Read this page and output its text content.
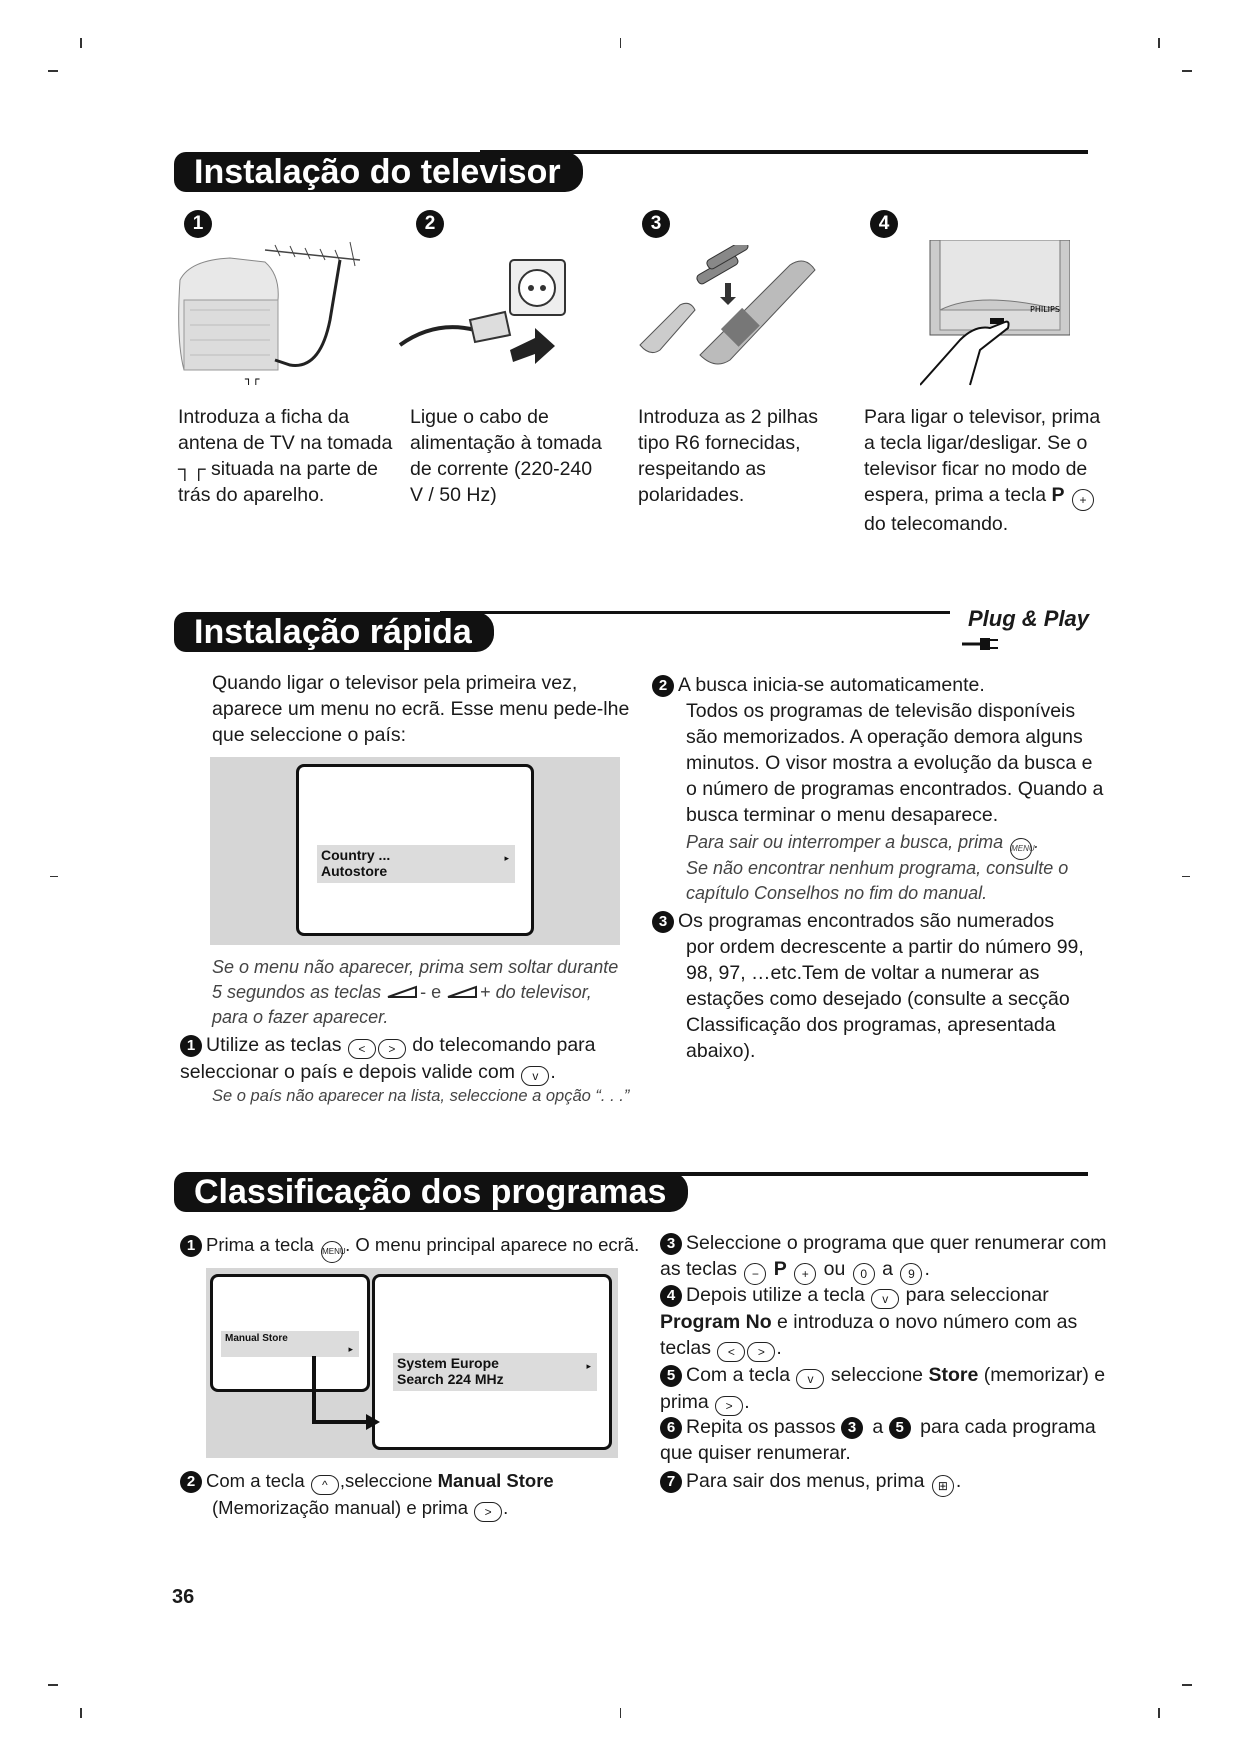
Instalação do televisor
1	2	3	4
┐┌
PHILIPS
Introduza a ficha da antena de TV na tomada ┐┌ situada na parte de trás do aparelho.
Ligue o cabo de alimentação à tomada de corrente (220-240 V / 50 Hz)
Introduza as 2 pilhas tipo R6 fornecidas, respeitando as polaridades.
Para ligar o televisor, prima a tecla ligar/desligar. Se o televisor ficar no modo de espera, prima a tecla P + do telecomando.
Instalação rápida	Plug & Play
Quando ligar o televisor pela primeira vez, aparece um menu no ecrã. Esse menu pede-lhe que seleccione o país:
Country ...
Autostore
▸
Se o menu não aparecer, prima sem soltar durante 5 segundos as teclas - e + do televisor, para o fazer aparecer.
1 Utilize as teclas < > do telecomando para seleccionar o país e depois valide com v .
Se o país não aparecer na lista, seleccione a opção “. . .”
2 A busca inicia-se automaticamente.
Todos os programas de televisão disponíveis são memorizados. A operação demora alguns minutos. O visor mostra a evolução da busca e o número de programas encontrados. Quando a busca terminar o menu desaparece.
Para sair ou interromper a busca, prima MENU.
Se não encontrar nenhum programa, consulte o capítulo Conselhos no fim do manual.
3 Os programas encontrados são numerados
por ordem decrescente a partir do número 99, 98, 97, …etc.Tem de voltar a numerar as estações como desejado (consulte a secção Classificação dos programas, apresentada abaixo).
Classificação dos programas
1 Prima a tecla MENU. O menu principal aparece no ecrã.
Manual Store
▸
System Europe
Search 224 MHz
▸
2 Com a tecla ^ ,seleccione Manual Store
(Memorização manual) e prima > .
3 Seleccione o programa que quer renumerar com as teclas − P + ou 0 a 9 .
4 Depois utilize a tecla v para seleccionar Program No e introduza o novo número com as teclas < > .
5 Com a tecla v seleccione Store (memorizar) e prima > .
6 Repita os passos 3 a 5 para cada programa que quiser renumerar.
7 Para sair dos menus, prima ⊞ .
36
